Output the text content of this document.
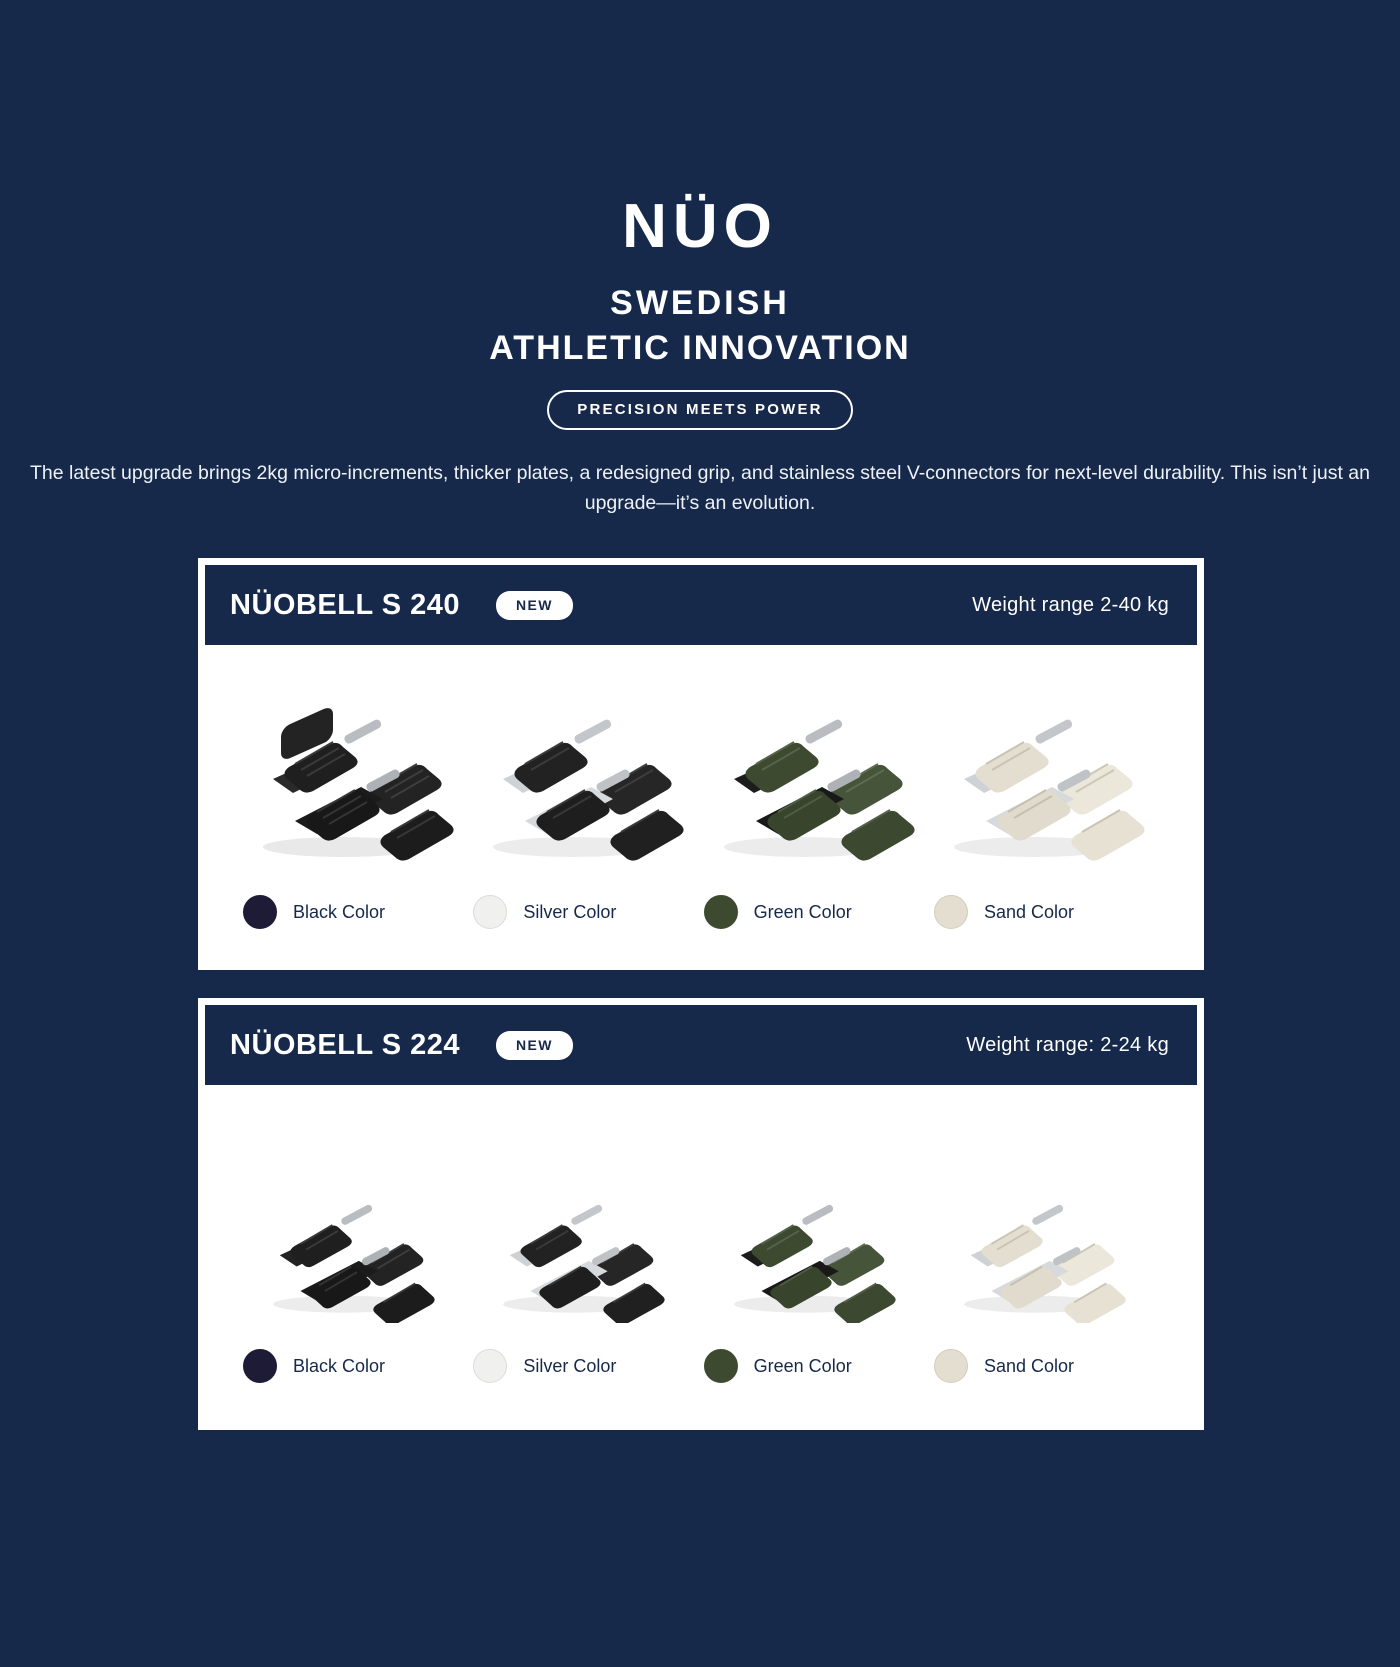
NÜO
SWEDISH
ATHLETIC INNOVATION
PRECISION MEETS POWER
The latest upgrade brings 2kg micro-increments, thicker plates, a redesigned grip, and stainless steel V-connectors for next-level durability. This isn’t just an upgrade—it’s an evolution.
NÜOBELL S 240	NEW	Weight range 2-40 kg
Black Color	Silver Color	Green Color	Sand Color
NÜOBELL S 224	NEW	Weight range: 2-24 kg
Black Color	Silver Color	Green Color	Sand Color
